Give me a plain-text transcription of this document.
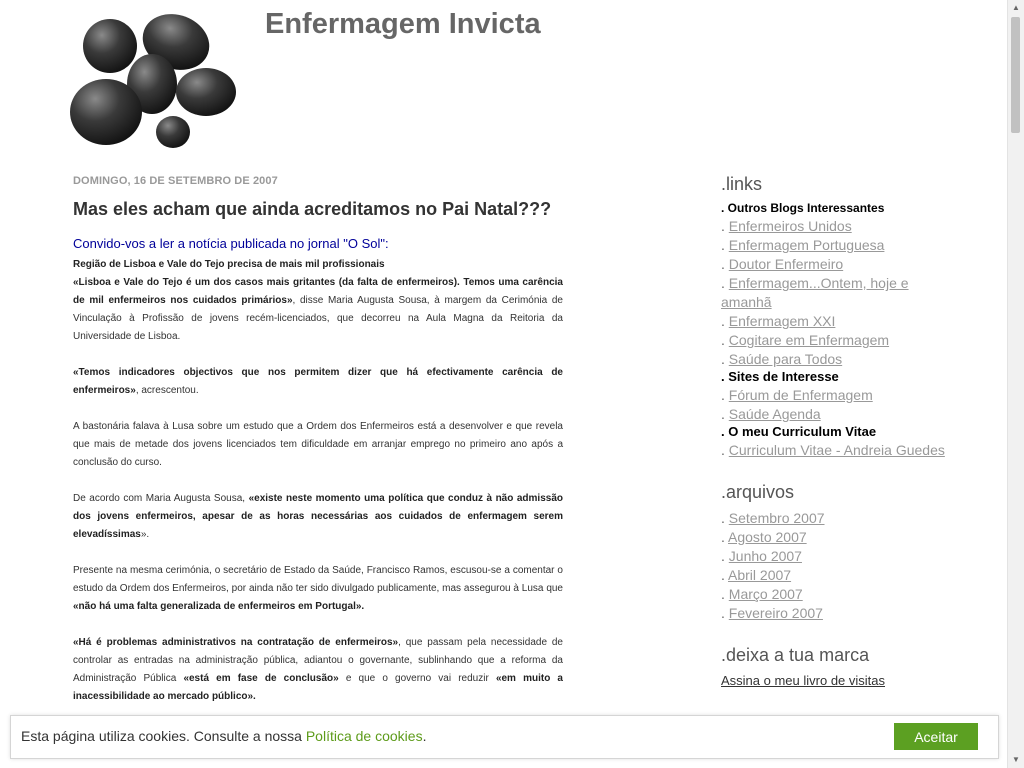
Enfermagem Invicta
DOMINGO, 16 DE SETEMBRO DE 2007
Mas eles acham que ainda acreditamos no Pai Natal???
Convido-vos a ler a notícia publicada no jornal "O Sol":

Região de Lisboa e Vale do Tejo precisa de mais mil profissionais

«Lisboa e Vale do Tejo é um dos casos mais gritantes (da falta de enfermeiros). Temos uma carência de mil enfermeiros nos cuidados primários», disse Maria Augusta Sousa, à margem da Cerimónia de Vinculação à Profissão de jovens recém-licenciados, que decorreu na Aula Magna da Reitoria da Universidade de Lisboa.

«Temos indicadores objectivos que nos permitem dizer que há efectivamente carência de enfermeiros», acrescentou.

A bastonária falava à Lusa sobre um estudo que a Ordem dos Enfermeiros está a desenvolver e que revela que mais de metade dos jovens licenciados tem dificuldade em arranjar emprego no primeiro ano após a conclusão do curso.

De acordo com Maria Augusta Sousa, «existe neste momento uma política que conduz à não admissão dos jovens enfermeiros, apesar de as horas necessárias aos cuidados de enfermagem serem elevadíssimas».

Presente na mesma cerimónia, o secretário de Estado da Saúde, Francisco Ramos, escusou-se a comentar o estudo da Ordem dos Enfermeiros, por ainda não ter sido divulgado publicamente, mas assegurou à Lusa que «não há uma falta generalizada de enfermeiros em Portugal».

«Há é problemas administrativos na contratação de enfermeiros», que passam pela necessidade de controlar as entradas na administração pública, adiantou o governante, sublinhando que a reforma da Administração Pública «está em fase de conclusão» e que o governo vai reduzir «em muito a inacessibilidade ao mercado público».

.links
. Outros Blogs Interessantes
. Enfermeiros Unidos
. Enfermagem Portuguesa
. Doutor Enfermeiro
. Enfermagem...Ontem, hoje e amanhã
. Enfermagem XXI
. Cogitare em Enfermagem
. Saúde para Todos
. Sites de Interesse
. Fórum de Enfermagem
. Saúde Agenda
. O meu Curriculum Vitae
. Curriculum Vitae - Andreia Guedes
.arquivos
. Setembro 2007
. Agosto 2007
. Junho 2007
. Abril 2007
. Março 2007
. Fevereiro 2007
.deixa a tua marca
Assina o meu livro de visitas
Esta página utiliza cookies. Consulte a nossa Política de cookies.	Aceitar
▲
▼
